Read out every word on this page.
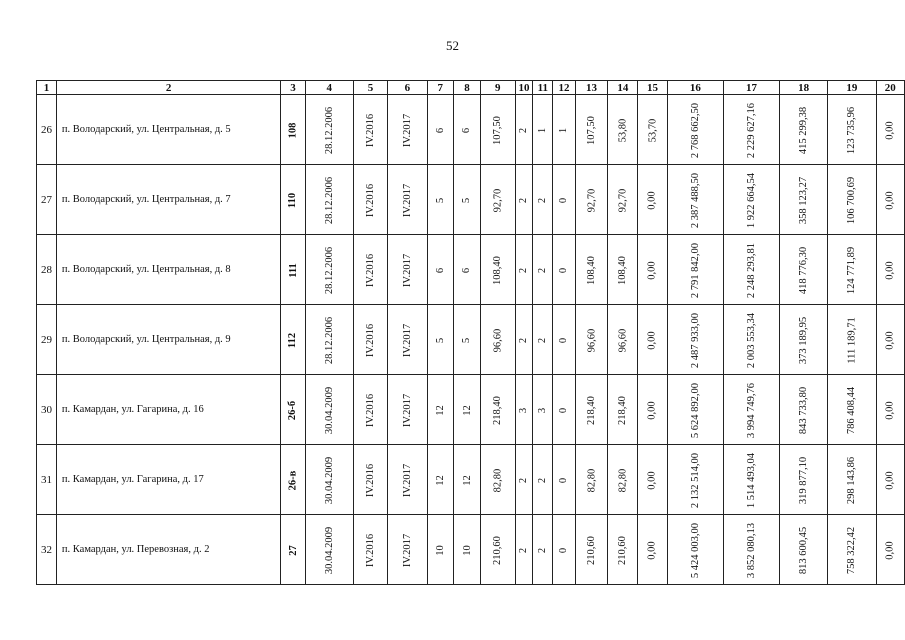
52
1	2	3	4	5	6	7	8	9	10	11	12	13	14	15	16	17	18	19	20
26	п. Володарский, ул. Центральная, д. 5	108	28.12.2006	IV.2016	IV.2017	6	6	107,50	2	1	1	107,50	53,80	53,70	2 768 662,50	2 229 627,16	415 299,38	123 735,96	0,00
27	п. Володарский, ул. Центральная, д. 7	110	28.12.2006	IV.2016	IV.2017	5	5	92,70	2	2	0	92,70	92,70	0,00	2 387 488,50	1 922 664,54	358 123,27	106 700,69	0,00
28	п. Володарский, ул. Центральная, д. 8	111	28.12.2006	IV.2016	IV.2017	6	6	108,40	2	2	0	108,40	108,40	0,00	2 791 842,00	2 248 293,81	418 776,30	124 771,89	0,00
29	п. Володарский, ул. Центральная, д. 9	112	28.12.2006	IV.2016	IV.2017	5	5	96,60	2	2	0	96,60	96,60	0,00	2 487 933,00	2 003 553,34	373 189,95	111 189,71	0,00
30	п. Камардан, ул. Гагарина, д. 16	26-б	30.04.2009	IV.2016	IV.2017	12	12	218,40	3	3	0	218,40	218,40	0,00	5 624 892,00	3 994 749,76	843 733,80	786 408,44	0,00
31	п. Камардан, ул. Гагарина, д. 17	26-в	30.04.2009	IV.2016	IV.2017	12	12	82,80	2	2	0	82,80	82,80	0,00	2 132 514,00	1 514 493,04	319 877,10	298 143,86	0,00
32	п. Камардан, ул. Перевозная, д. 2	27	30.04.2009	IV.2016	IV.2017	10	10	210,60	2	2	0	210,60	210,60	0,00	5 424 003,00	3 852 080,13	813 600,45	758 322,42	0,00
